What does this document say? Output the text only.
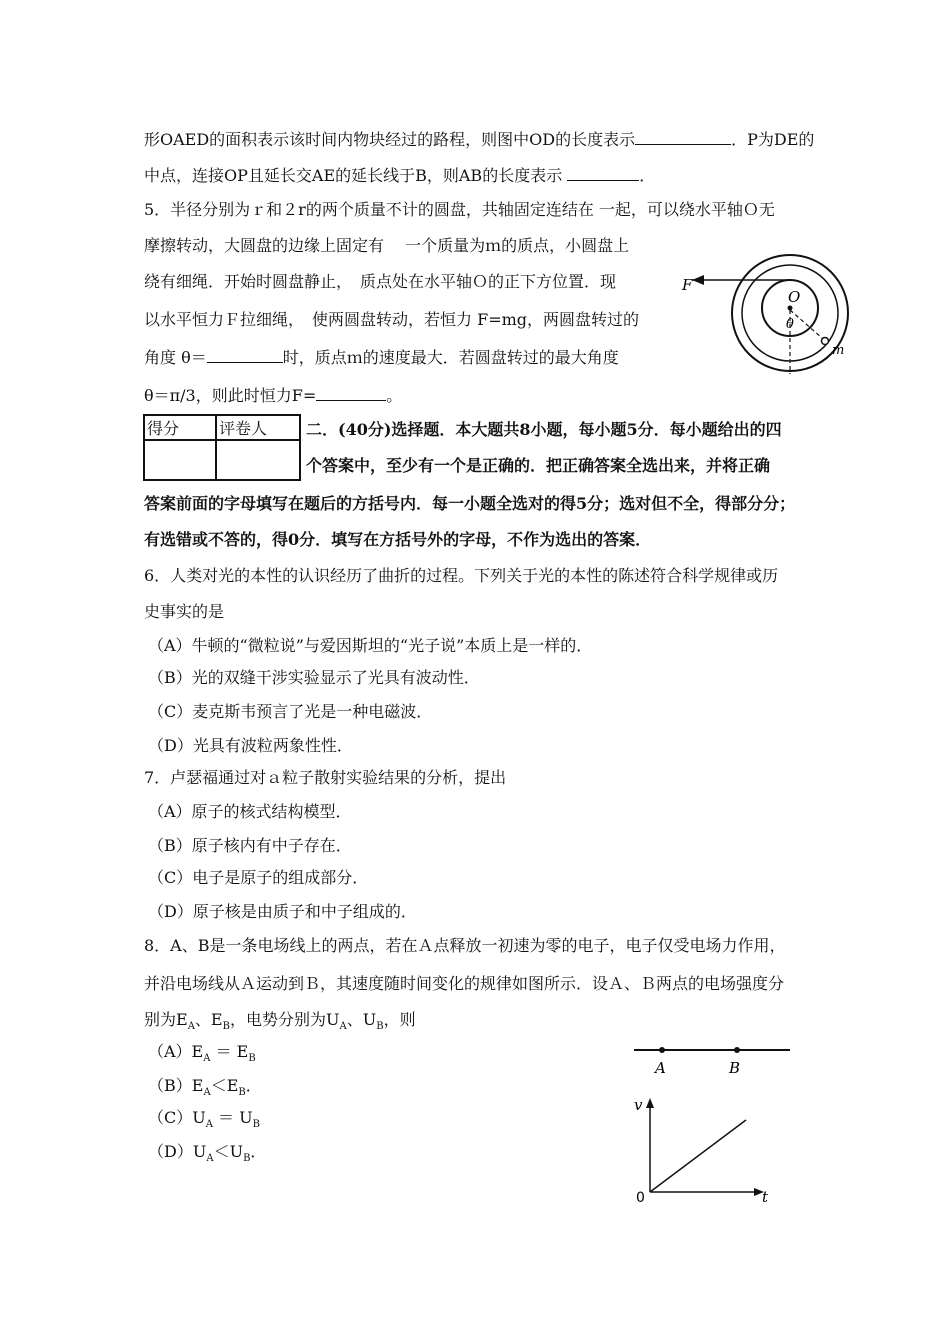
形OAED的面积表示该时间内物块经过的路程，则图中OD的长度表示	．P为DE的
中点，连接OP且延长交AE的延长线于B，则AB的长度表示	．
5．半径分别为ｒ和２r的两个质量不计的圆盘，共轴固定连结在 一起，可以绕水平轴Ｏ无
摩擦转动，大圆盘的边缘上固定有　 一个质量为ｍ的质点，小圆盘上
绕有细绳．开始时圆盘静止，　质点处在水平轴Ｏ的正下方位置．现
以水平恒力Ｆ拉细绳，　使两圆盘转动，若恒力 F=mg，两圆盘转过的
角度 θ＝	时，质点ｍ的速度最大．若圆盘转过的最大角度
θ＝π/3，则此时恒力F=	。
F
O
θ
m
得分	评卷人
	二．(40分)选择题．本大题共8小题，每小题5分．每小题给出的四
个答案中，至少有一个是正确的．把正确答案全选出来，并将正确
答案前面的字母填写在题后的方括号内．每一小题全选对的得5分；选对但不全，得部分分；
有选错或不答的，得0分．填写在方括号外的字母，不作为选出的答案．
6．人类对光的本性的认识经历了曲折的过程。下列关于光的本性的陈述符合科学规律或历
史事实的是
（A）牛顿的“微粒说”与爱因斯坦的“光子说”本质上是一样的．
（B）光的双缝干涉实验显示了光具有波动性．
（C）麦克斯韦预言了光是一种电磁波．
（D）光具有波粒两象性性．
7．卢瑟福通过对ａ粒子散射实验结果的分析，提出
（A）原子的核式结构模型．
（B）原子核内有中子存在．
（C）电子是原子的组成部分．
（D）原子核是由质子和中子组成的．
8．A、B是一条电场线上的两点，若在Ａ点释放一初速为零的电子，电子仅受电场力作用，
并沿电场线从Ａ运动到Ｂ，其速度随时间变化的规律如图所示．设Ａ、Ｂ两点的电场强度分
别为$E_A$、$E_B$，电势分别为$U_A$、$U_B$，则
$(A)E_A = E_B$
$(B)E_A<E_B$．
$(C)U_A = U_B$
$(D)U_A<U_B$．
A	B
v
t
0
